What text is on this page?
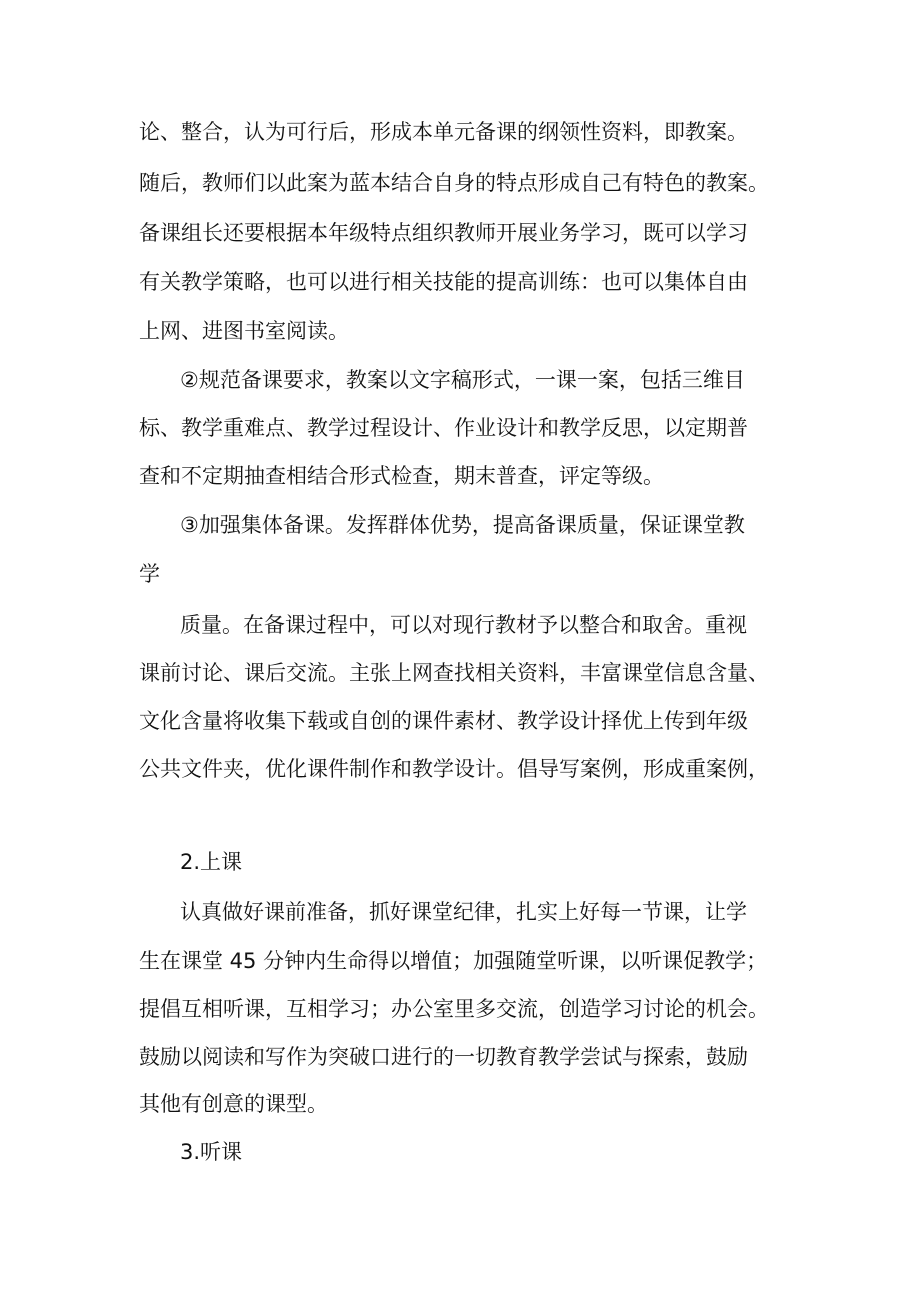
论、整合，认为可行后，形成本单元备课的纲领性资料，即教案。
随后，教师们以此案为蓝本结合自身的特点形成自己有特色的教案。
备课组长还要根据本年级特点组织教师开展业务学习，既可以学习
有关教学策略，也可以进行相关技能的提高训练：也可以集体自由
上网、进图书室阅读。
②规范备课要求，教案以文字稿形式，一课一案，包括三维目
标、教学重难点、教学过程设计、作业设计和教学反思，以定期普
查和不定期抽查相结合形式检查，期末普查，评定等级。
③加强集体备课。发挥群体优势，提高备课质量，保证课堂教
学
质量。在备课过程中，可以对现行教材予以整合和取舍。重视
课前讨论、课后交流。主张上网查找相关资料，丰富课堂信息含量、
文化含量将收集下载或自创的课件素材、教学设计择优上传到年级
公共文件夹，优化课件制作和教学设计。倡导写案例，形成重案例，
2.上课
认真做好课前准备，抓好课堂纪律，扎实上好每一节课，让学
生在课堂 45 分钟内生命得以增值；加强随堂听课，以听课促教学；
提倡互相听课，互相学习；办公室里多交流，创造学习讨论的机会。
鼓励以阅读和写作为突破口进行的一切教育教学尝试与探索，鼓励
其他有创意的课型。
3.听课
